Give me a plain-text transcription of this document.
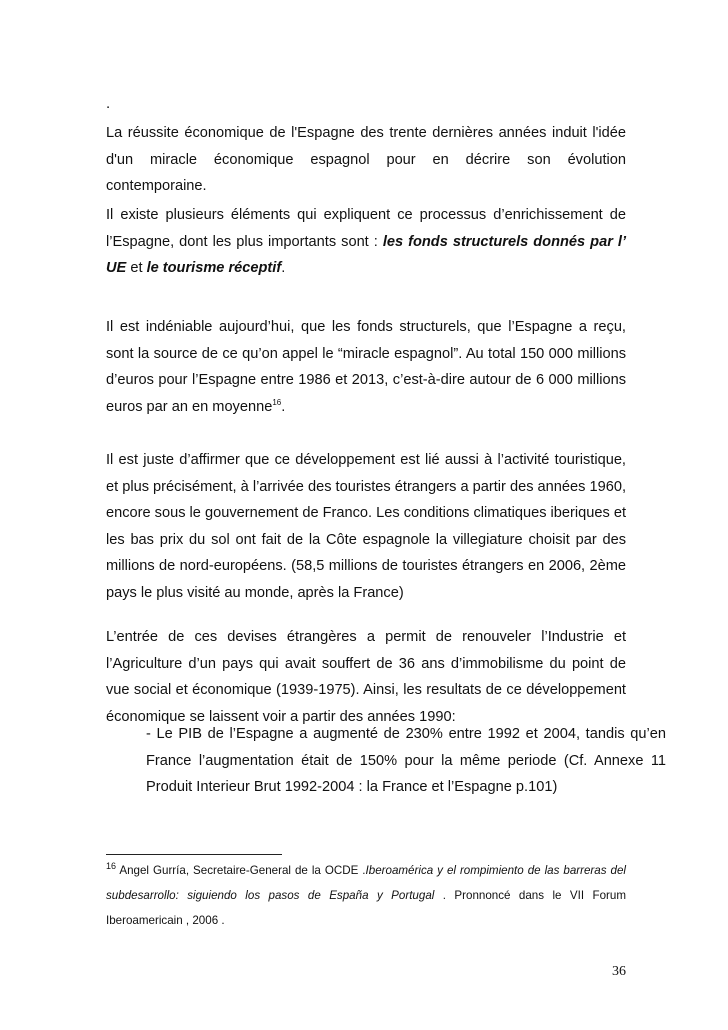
.

La réussite économique de l'Espagne des trente dernières années induit l'idée d'un miracle économique espagnol pour en décrire son évolution contemporaine.

Il existe plusieurs éléments qui expliquent ce processus d’enrichissement de l’Espagne, dont les plus importants sont : les fonds structurels donnés par l’ UE et le tourisme réceptif.

Il est indéniable aujourd’hui, que les fonds structurels, que l’Espagne a reçu, sont la source de ce qu’on appel le “miracle espagnol”. Au total 150 000 millions d’euros pour l’Espagne entre 1986 et 2013, c’est-à-dire autour de 6 000 millions euros par an en moyenne$^{16}$.

Il est juste d’affirmer que ce développement est lié aussi à l’activité touristique, et plus précisément, à l’arrivée des touristes étrangers a partir des années 1960, encore sous le gouvernement de Franco. Les conditions climatiques iberiques et les bas prix du sol ont fait de la Côte espagnole la villegiature choisit par des millions de nord-européens. (58,5 millions de touristes étrangers en 2006, 2ème pays le plus visité au monde, après la France)

L’entrée de ces devises étrangères a permit de renouveler l’Industrie et l’Agriculture d’un pays qui avait souffert de 36 ans d’immobilisme du point de vue social et économique (1939-1975). Ainsi, les resultats de ce développement économique se laissent voir a partir des années 1990:

- Le PIB de l’Espagne a augmenté de 230% entre 1992 et 2004, tandis qu’en France l’augmentation était de 150% pour la même periode (Cf. Annexe 11 Produit Interieur Brut 1992-2004 : la France et l’Espagne p.101)

$^{16}$ Angel Gurría, Secretaire-General de la OCDE .Iberoamérica y el rompimiento de las barreras del subdesarrollo: siguiendo los pasos de España y Portugal . Pronnoncé dans le VII Forum Iberoamericain , 2006 .

36
